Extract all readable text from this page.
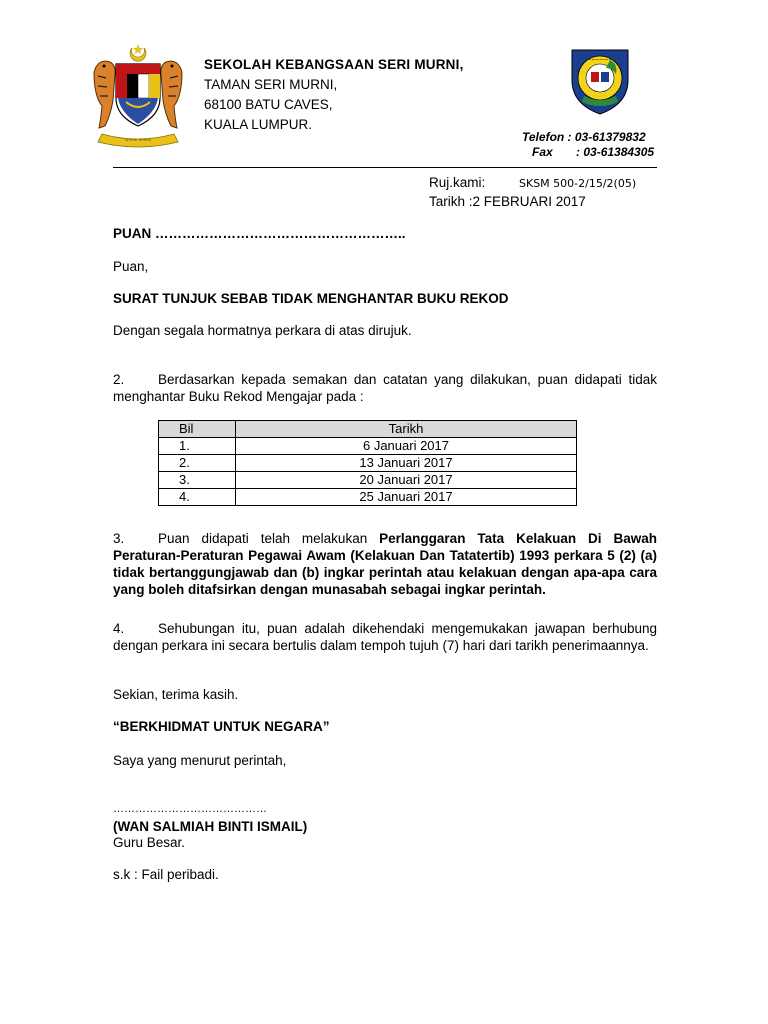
~~~ ~~~
SEKOLAH KEBANGSAAN SERI MURNI,
TAMAN SERI MURNI,
68100 BATU CAVES,
KUALA LUMPUR.
~~~~~~~
Telefon : 03-61379832
Fax       : 03-61384305
Ruj.kami:	SKSM 500-2/15/2(05)
Tarikh :2 FEBRUARI 2017
PUAN ………………………………………………..
Puan,
SURAT TUNJUK SEBAB TIDAK MENGHANTAR BUKU REKOD
Dengan segala hormatnya perkara di atas dirujuk.
2. Berdasarkan kepada semakan dan catatan yang dilakukan, puan didapati tidak menghantar Buku Rekod Mengajar pada :
Bil	Tarikh
1.	6 Januari 2017
2.	13 Januari 2017
3.	20 Januari 2017
4.	25 Januari 2017
3. Puan didapati telah melakukan Perlanggaran Tata Kelakuan Di Bawah Peraturan-Peraturan Pegawai Awam (Kelakuan Dan Tatatertib) 1993 perkara 5 (2) (a) tidak bertanggungjawab dan (b) ingkar perintah atau kelakuan dengan apa-apa cara yang boleh ditafsirkan dengan munasabah sebagai ingkar perintah.
4. Sehubungan itu, puan adalah dikehendaki mengemukakan jawapan berhubung dengan perkara ini secara bertulis dalam tempoh tujuh (7) hari dari tarikh penerimaannya.
Sekian, terima kasih.
“BERKHIDMAT UNTUK NEGARA”
Saya yang menurut perintah,
……………………………………
(WAN SALMIAH BINTI ISMAIL)
Guru Besar.
s.k : Fail peribadi.
